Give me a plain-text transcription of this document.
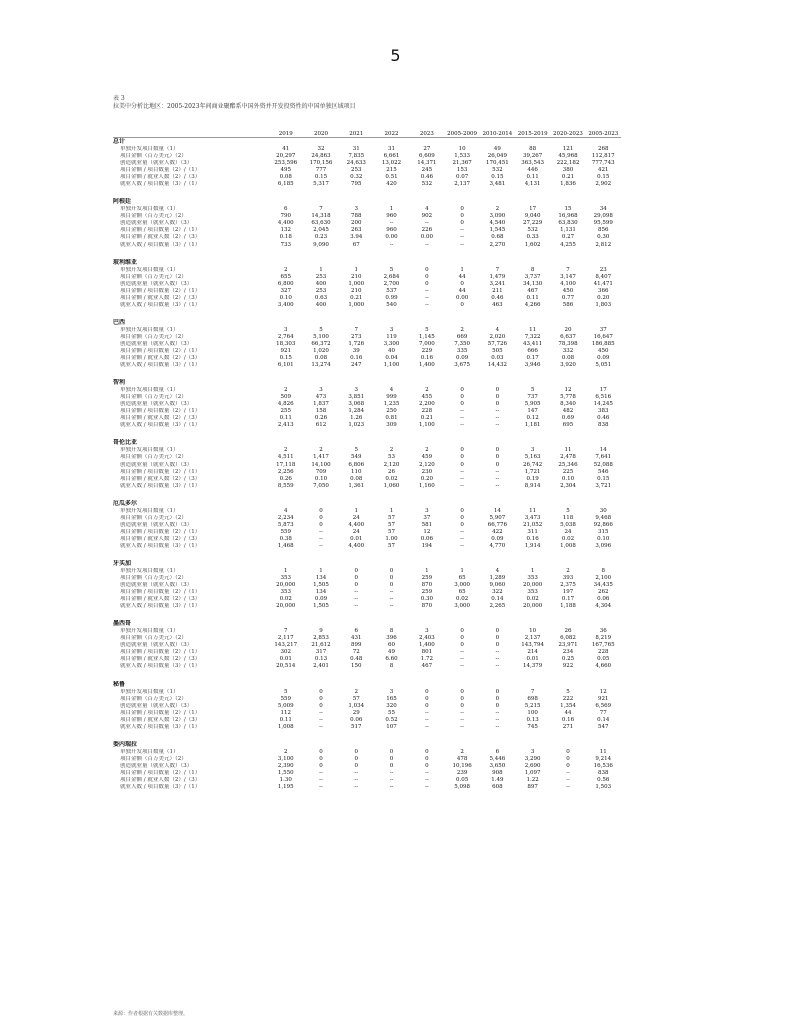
5
表 3
拉美中分析比地区：2005-2023年间商业聚酯系中国外资并开发投资性的中国单独区域项目
	2019	2020	2021	2022	2023	2005-2009	2010-2014	2015-2019	2020-2023	2005-2023
总计										
单独开发项目数量（1）	41	32	31	31	27	10	49	88	121	268
项目金额（百万美元）（2）	20,297	24,863	7,835	6,661	6,609	1,533	26,049	39,267	45,968	112,817
创造就业量（就业人数）（3）	253,596	170,156	24,633	13,022	14,371	21,367	170,451	363,543	222,182	777,743
项目金额 / 项目数量（2）/（1）	495	777	253	215	245	153	532	446	380	421
项目金额 / 就业人数（2）/（3）	0.08	0.15	0.32	0.51	0.46	0.07	0.15	0.11	0.21	0.15
就业人数 / 项目数量（3）/（1）	6,185	5,317	795	420	532	2,137	3,481	4,131	1,836	2,902

阿根廷										
单独开发项目数量（1）	6	7	3	1	4	0	2	17	15	34
项目金额（百万美元）（2）	790	14,318	788	960	902	0	3,090	9,040	16,968	29,098
创造就业量（就业人数）（3）	4,400	63,630	200	--	--	0	4,540	27,229	63,830	95,599
项目金额 / 项目数量（2）/（1）	132	2,045	263	960	226	--	1,545	532	1,131	856
项目金额 / 就业人数（2）/（3）	0.18	0.23	3.94	0.00	0.00	--	0.68	0.33	0.27	0.30
就业人数 / 项目数量（3）/（1）	733	9,090	67	--	--	--	2,270	1,602	4,255	2,812

玻利维亚										
单独开发项目数量（1）	2	1	1	5	0	1	7	8	7	23
项目金额（百万美元）（2）	655	253	210	2,684	0	44	1,479	3,737	3,147	8,407
创造就业量（就业人数）（3）	6,800	400	1,000	2,700	0	0	3,241	34,130	4,100	41,471
项目金额 / 项目数量（2）/（1）	327	253	210	537	--	44	211	467	450	366
项目金额 / 就业人数（2）/（3）	0.10	0.63	0.21	0.99	--	0.00	0.46	0.11	0.77	0.20
就业人数 / 项目数量（3）/（1）	3,400	400	1,000	540	--	0	463	4,266	586	1,803

巴西										
单独开发项目数量（1）	3	5	7	3	5	2	4	11	20	37
项目金额（百万美元）（2）	2,764	5,100	273	119	1,145	669	2,020	7,322	6,637	16,647
创造就业量（就业人数）（3）	18,303	66,372	1,726	3,300	7,000	7,350	57,726	43,411	78,398	186,885
项目金额 / 项目数量（2）/（1）	921	1,020	39	40	229	335	505	666	332	450
项目金额 / 就业人数（2）/（3）	0.15	0.08	0.16	0.04	0.16	0.09	0.03	0.17	0.08	0.09
就业人数 / 项目数量（3）/（1）	6,101	13,274	247	1,100	1,400	3,675	14,432	3,946	3,920	5,051

智利										
单独开发项目数量（1）	2	3	3	4	2	0	0	5	12	17
项目金额（百万美元）（2）	509	473	3,851	999	455	0	0	737	5,778	6,516
创造就业量（就业人数）（3）	4,826	1,837	3,068	1,235	2,200	0	0	5,905	8,340	14,245
项目金额 / 项目数量（2）/（1）	255	158	1,284	250	228	--	--	147	482	383
项目金额 / 就业人数（2）/（3）	0.11	0.26	1.26	0.81	0.21	--	--	0.12	0.69	0.46
就业人数 / 项目数量（3）/（1）	2,413	612	1,023	309	1,100	--	--	1,181	695	838

哥伦比亚										
单独开发项目数量（1）	2	2	5	2	2	0	0	3	11	14
项目金额（百万美元）（2）	4,511	1,417	549	53	459	0	0	5,163	2,478	7,641
创造就业量（就业人数）（3）	17,118	14,100	6,806	2,120	2,120	0	0	26,742	25,346	52,088
项目金额 / 项目数量（2）/（1）	2,256	709	110	26	230	--	--	1,721	225	546
项目金额 / 就业人数（2）/（3）	0.26	0.10	0.08	0.02	0.20	--	--	0.19	0.10	0.15
就业人数 / 项目数量（3）/（1）	8,559	7,050	1,361	1,060	1,160	--	--	8,914	2,304	3,721

厄瓜多尔										
单独开发项目数量（1）	4	0	1	1	3	0	14	11	5	30
项目金额（百万美元）（2）	2,234	0	24	57	37	0	5,907	3,473	118	9,468
创造就业量（就业人数）（3）	5,873	0	4,400	57	581	0	66,776	21,052	5,038	92,866
项目金额 / 项目数量（2）/（1）	559	--	24	57	12	--	422	311	24	315
项目金额 / 就业人数（2）/（3）	0.38	--	0.01	1.00	0.06	--	0.09	0.16	0.02	0.10
就业人数 / 项目数量（3）/（1）	1,468	--	4,400	57	194	--	4,770	1,914	1,008	3,096

牙买加										
单独开发项目数量（1）	1	1	0	0	1	1	4	1	2	8
项目金额（百万美元）（2）	353	134	0	0	259	65	1,289	353	393	2,100
创造就业量（就业人数）（3）	20,000	1,505	0	0	870	3,000	9,060	20,000	2,375	34,435
项目金额 / 项目数量（2）/（1）	353	134	--	--	259	65	322	353	197	262
项目金额 / 就业人数（2）/（3）	0.02	0.09	--	--	0.30	0.02	0.14	0.02	0.17	0.06
就业人数 / 项目数量（3）/（1）	20,000	1,505	--	--	870	3,000	2,265	20,000	1,188	4,304

墨西哥										
单独开发项目数量（1）	7	9	6	8	3	0	0	10	26	36
项目金额（百万美元）（2）	2,117	2,853	431	396	2,403	0	0	2,137	6,082	8,219
创造就业量（就业人数）（3）	143,217	21,612	899	60	1,400	0	0	143,794	23,971	167,765
项目金额 / 项目数量（2）/（1）	302	317	72	49	801	--	--	214	234	228
项目金额 / 就业人数（2）/（3）	0.01	0.13	0.48	6.60	1.72	--	--	0.01	0.25	0.05
就业人数 / 项目数量（3）/（1）	20,514	2,401	150	8	467	--	--	14,379	922	4,660

秘鲁										
单独开发项目数量（1）	5	0	2	3	0	0	0	7	5	12
项目金额（百万美元）（2）	559	0	57	165	0	0	0	698	222	921
创造就业量（就业人数）（3）	5,009	0	1,034	320	0	0	0	5,215	1,354	6,569
项目金额 / 项目数量（2）/（1）	112	--	29	55	--	--	--	100	44	77
项目金额 / 就业人数（2）/（3）	0.11	--	0.06	0.52	--	--	--	0.13	0.16	0.14
就业人数 / 项目数量（3）/（1）	1,008	--	517	107	--	--	--	745	271	547

委内瑞拉										
单独开发项目数量（1）	2	0	0	0	0	2	6	3	0	11
项目金额（百万美元）（2）	3,100	0	0	0	0	478	5,446	3,290	0	9,214
创造就业量（就业人数）（3）	2,390	0	0	0	0	10,196	3,650	2,690	0	16,536
项目金额 / 项目数量（2）/（1）	1,550	--	--	--	--	239	908	1,097	--	838
项目金额 / 就业人数（2）/（3）	1.30	--	--	--	--	0.05	1.49	1.22	--	0.56
就业人数 / 项目数量（3）/（1）	1,195	--	--	--	--	5,098	608	897	--	1,503
来源：作者根据有关数据库整理。
